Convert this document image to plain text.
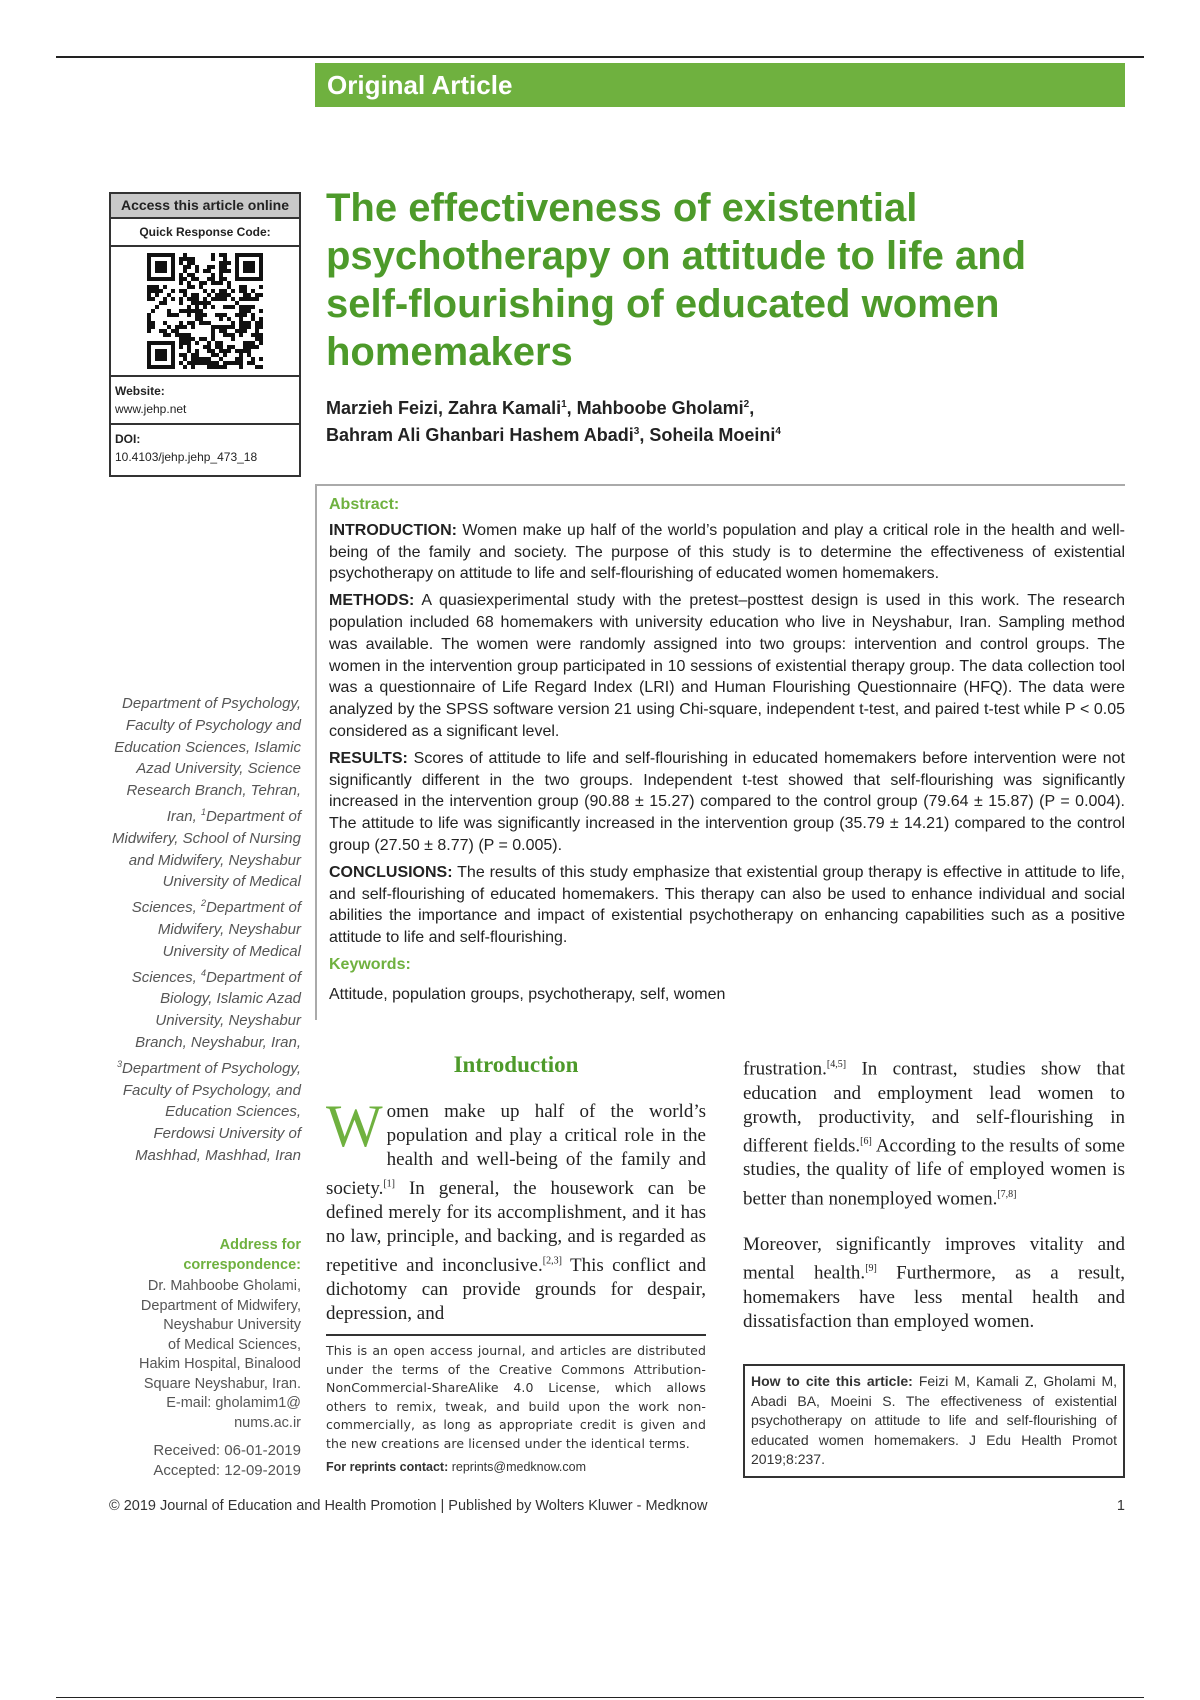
Original Article
Access this article online
Quick Response Code:
Website:
www.jehp.net
DOI:
10.4103/jehp.jehp_473_18
The effectiveness of existential
psychotherapy on attitude to life and
self-flourishing of educated women
homemakers
Marzieh Feizi, Zahra Kamali$^1$, Mahboobe Gholami$^2$,
Bahram Ali Ghanbari Hashem Abadi$^3$, Soheila Moeini$^4$
Abstract:

INTRODUCTION: Women make up half of the world’s population and play a critical role in the health and well-being of the family and society. The purpose of this study is to determine the effectiveness of existential psychotherapy on attitude to life and self-flourishing of educated women homemakers.

METHODS: A quasiexperimental study with the pretest–posttest design is used in this work. The research population included 68 homemakers with university education who live in Neyshabur, Iran. Sampling method was available. The women were randomly assigned into two groups: intervention and control groups. The women in the intervention group participated in 10 sessions of existential therapy group. The data collection tool was a questionnaire of Life Regard Index (LRI) and Human Flourishing Questionnaire (HFQ). The data were analyzed by the SPSS software version 21 using Chi-square, independent t-test, and paired t-test while P < 0.05 considered as a significant level.

RESULTS: Scores of attitude to life and self-flourishing in educated homemakers before intervention were not significantly different in the two groups. Independent t-test showed that self-flourishing was significantly increased in the intervention group (90.88 ± 15.27) compared to the control group (79.64 ± 15.87) (P = 0.004). The attitude to life was significantly increased in the intervention group (35.79 ± 14.21) compared to the control group (27.50 ± 8.77) (P = 0.005).

CONCLUSIONS: The results of this study emphasize that existential group therapy is effective in attitude to life, and self-flourishing of educated homemakers. This therapy can also be used to enhance individual and social abilities the importance and impact of existential psychotherapy on enhancing capabilities such as a positive attitude to life and self-flourishing.

Keywords:
Attitude, population groups, psychotherapy, self, women
Department of Psychology, Faculty of Psychology and Education Sciences, Islamic Azad University, Science Research Branch, Tehran, Iran, $^1$Department of Midwifery, School of Nursing and Midwifery, Neyshabur University of Medical Sciences, $^2$Department of Midwifery, Neyshabur University of Medical Sciences, $^4$Department of Biology, Islamic Azad University, Neyshabur Branch, Neyshabur, Iran, $^3$Department of Psychology, Faculty of Psychology, and Education Sciences, Ferdowsi University of Mashhad, Mashhad, Iran
Address for correspondence:
Dr. Mahboobe Gholami,
Department of Midwifery,
Neyshabur University
of Medical Sciences,
Hakim Hospital, Binalood
Square Neyshabur, Iran.
E-mail: gholamim1@
nums.ac.ir
Received: 06-01-2019
Accepted: 12-09-2019
Introduction
W omen make up half of the world’s population and play a critical role in the health and well-being of the family and society.[1] In general, the housework can be defined merely for its accomplishment, and it has no law, principle, and backing, and is regarded as repetitive and inconclusive.[2,3] This conflict and dichotomy can provide grounds for despair, depression, and

frustration.[4,5] In contrast, studies show that education and employment lead women to growth, productivity, and self-flourishing in different fields.[6] According to the results of some studies, the quality of life of employed women is better than nonemployed women.[7,8]

Moreover, significantly improves vitality and mental health.[9] Furthermore, as a result, homemakers have less mental health and dissatisfaction than employed women.

This is an open access journal, and articles are distributed under the terms of the Creative Commons Attribution-NonCommercial-ShareAlike 4.0 License, which allows others to remix, tweak, and build upon the work non-commercially, as long as appropriate credit is given and the new creations are licensed under the identical terms.
For reprints contact: reprints@medknow.com
How to cite this article: Feizi M, Kamali Z, Gholami M, Abadi BA, Moeini S. The effectiveness of existential psychotherapy on attitude to life and self-flourishing of educated women homemakers. J Edu Health Promot 2019;8:237.
© 2019 Journal of Education and Health Promotion | Published by Wolters Kluwer - Medknow	1
